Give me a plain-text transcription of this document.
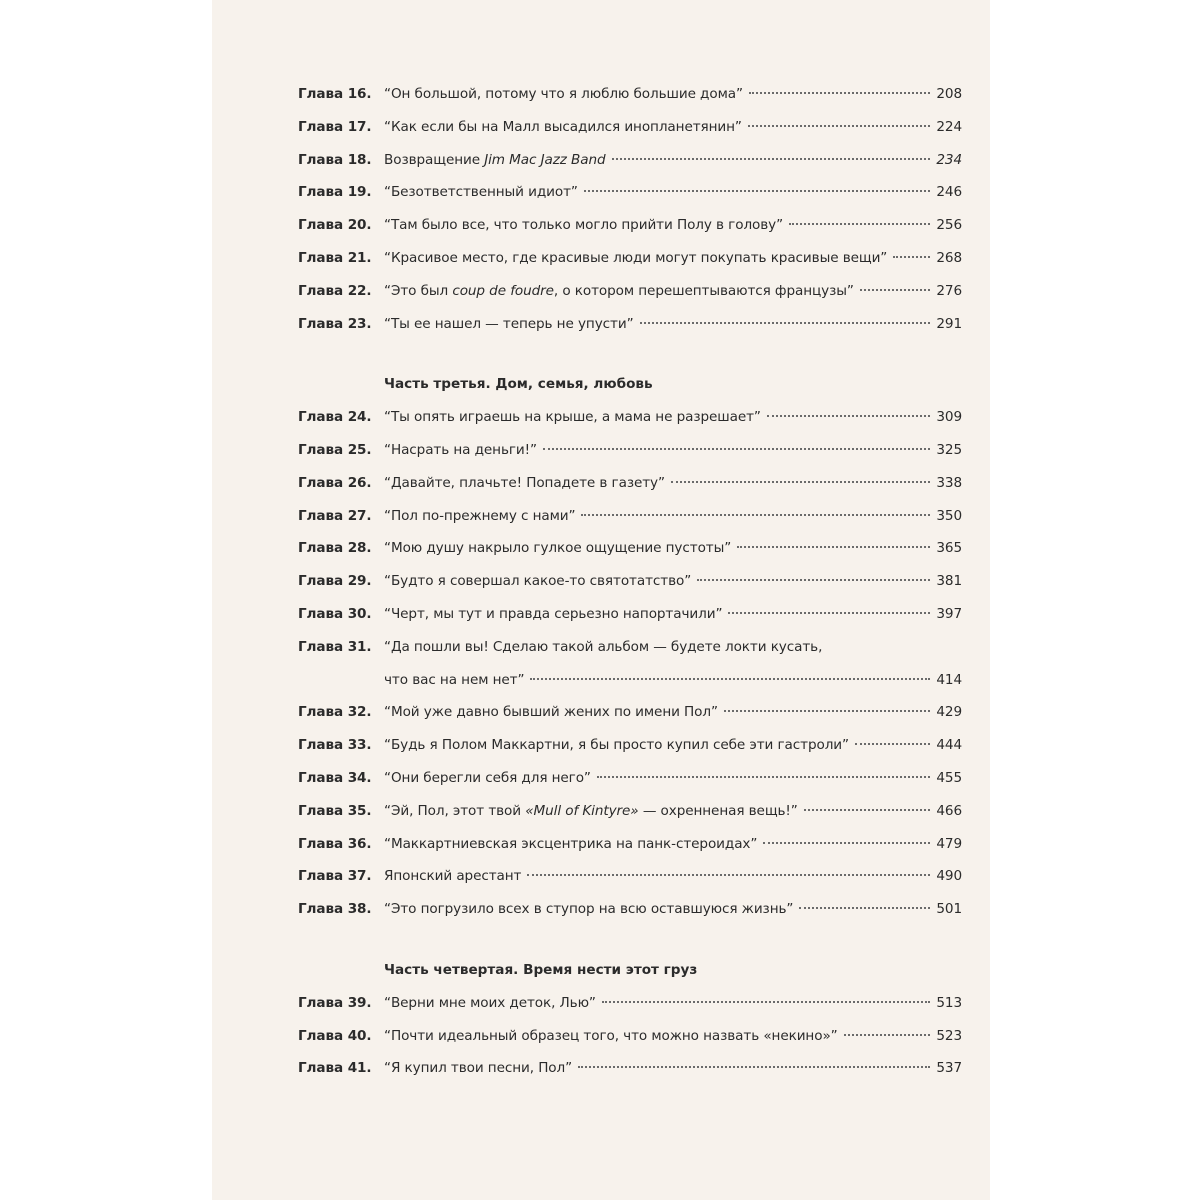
Глава 16. “Он большой, потому что я люблю большие дома”	208
Глава 17. “Как если бы на Малл высадился инопланетянин”	224
Глава 18. Возвращение Jim Mac Jazz Band	234
Глава 19. “Безответственный идиот”	246
Глава 20. “Там было все, что только могло прийти Полу в голову”	256
Глава 21. “Красивое место, где красивые люди могут покупать красивые вещи”	268
Глава 22. “Это был coup de foudre, о котором перешептываются французы”	276
Глава 23. “Ты ее нашел — теперь не упусти”	291
Часть третья. Дом, семья, любовь
Глава 24. “Ты опять играешь на крыше, а мама не разрешает”	309
Глава 25. “Насрать на деньги!”	325
Глава 26. “Давайте, плачьте! Попадете в газету”	338
Глава 27. “Пол по-прежнему с нами”	350
Глава 28. “Мою душу накрыло гулкое ощущение пустоты”	365
Глава 29. “Будто я совершал какое-то святотатство”	381
Глава 30. “Черт, мы тут и правда серьезно напортачили”	397
Глава 31. “Да пошли вы! Сделаю такой альбом — будете локти кусать,
что вас на нем нет”	414
Глава 32. “Мой уже давно бывший жених по имени Пол”	429
Глава 33. “Будь я Полом Маккартни, я бы просто купил себе эти гастроли”	444
Глава 34. “Они берегли себя для него”	455
Глава 35. “Эй, Пол, этот твой «Mull of Kintyre» — охренненая вещь!”	466
Глава 36. “Маккартниевская эксцентрика на панк-стероидах”	479
Глава 37. Японский арестант	490
Глава 38. “Это погрузило всех в ступор на всю оставшуюся жизнь”	501
Часть четвертая. Время нести этот груз
Глава 39. “Верни мне моих деток, Лью”	513
Глава 40. “Почти идеальный образец того, что можно назвать «некино»”	523
Глава 41. “Я купил твои песни, Пол”	537
